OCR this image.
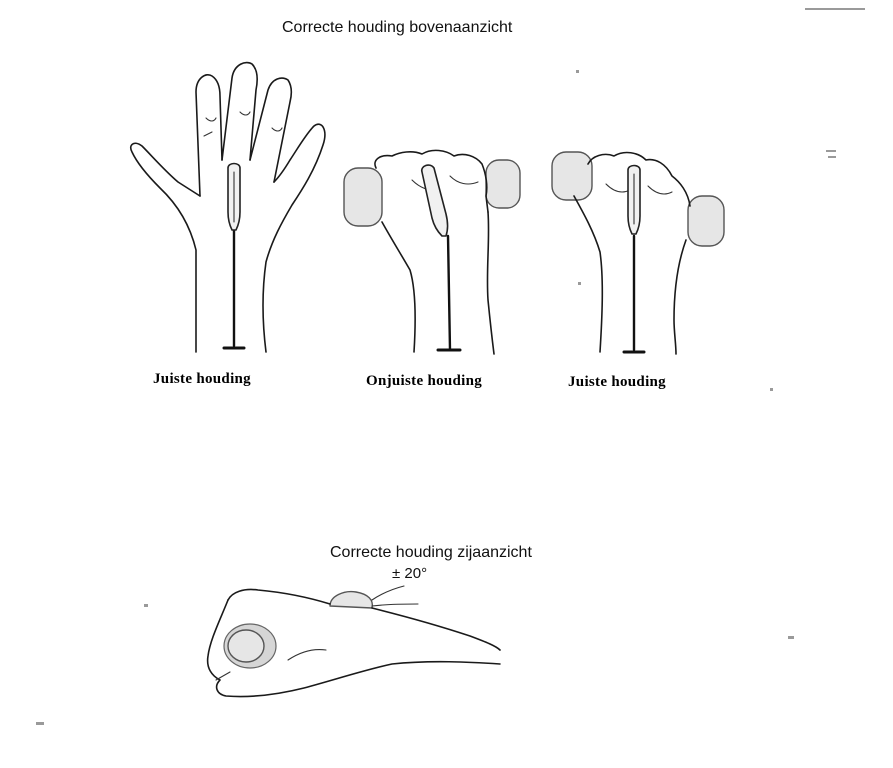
Correcte houding bovenaanzicht
Juiste houding	Onjuiste houding	Juiste houding
Correcte houding zijaanzicht
± 20°
